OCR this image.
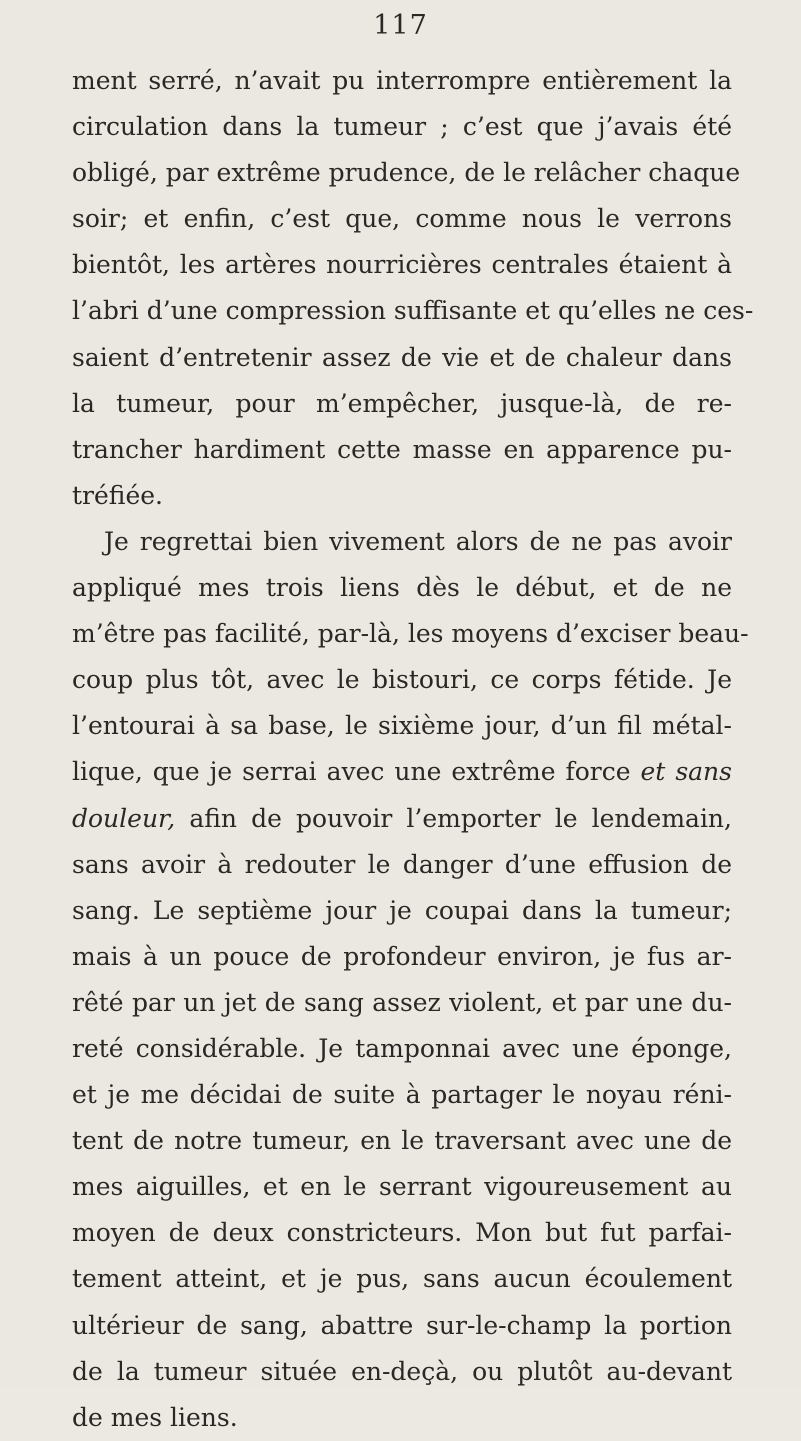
117
ment serré, n’avait pu interrompre entièrement la
circulation dans la tumeur ; c’est que j’avais été
obligé, par extrême prudence, de le relâcher chaque
soir; et enfin, c’est que, comme nous le verrons
bientôt, les artères nourricières centrales étaient à
l’abri d’une compression suffisante et qu’elles ne ces-
saient d’entretenir assez de vie et de chaleur dans
la tumeur, pour m’empêcher, jusque-là, de re-
trancher hardiment cette masse en apparence pu-
tréfiée.
Je regrettai bien vivement alors de ne pas avoir
appliqué mes trois liens dès le début, et de ne
m’être pas facilité, par-là, les moyens d’exciser beau-
coup plus tôt, avec le bistouri, ce corps fétide. Je
l’entourai à sa base, le sixième jour, d’un fil métal-
lique, que je serrai avec une extrême force et sans
douleur, afin de pouvoir l’emporter le lendemain,
sans avoir à redouter le danger d’une effusion de
sang. Le septième jour je coupai dans la tumeur;
mais à un pouce de profondeur environ, je fus ar-
rêté par un jet de sang assez violent, et par une du-
reté considérable. Je tamponnai avec une éponge,
et je me décidai de suite à partager le noyau réni-
tent de notre tumeur, en le traversant avec une de
mes aiguilles, et en le serrant vigoureusement au
moyen de deux constricteurs. Mon but fut parfai-
tement atteint, et je pus, sans aucun écoulement
ultérieur de sang, abattre sur-le-champ la portion
de la tumeur située en-deçà, ou plutôt au-devant
de mes liens.
